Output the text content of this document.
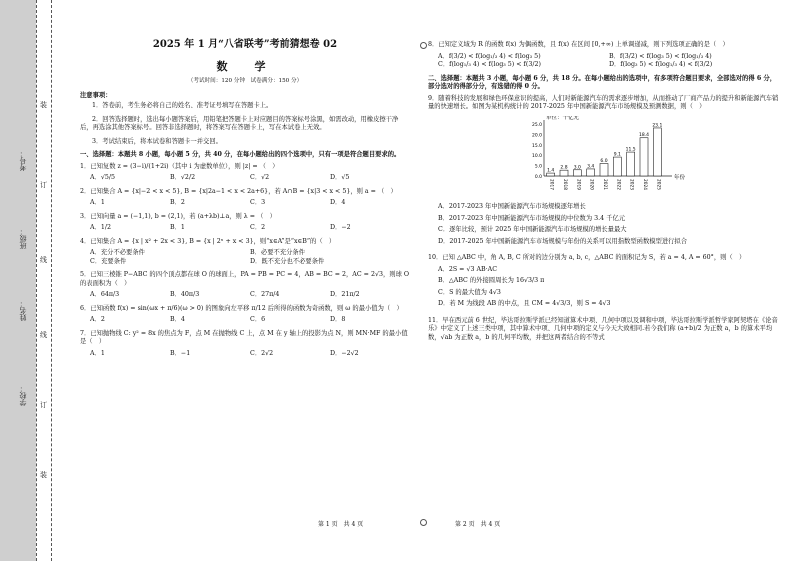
学校：
姓名：
班级：
考号：
装
订
线
线
订
装
2025 年 1 月“八省联考”考前猜想卷 02
数　学
（考试时间：120 分钟　试卷满分：150 分）
注意事项：
1．答卷前，考生务必将自己的姓名、准考证号填写在答题卡上。
2．回答选择题时，选出每小题答案后，用铅笔把答题卡上对应题目的答案标号涂黑，如需改动，用橡皮擦干净后，再选涂其他答案标号。回答非选择题时，将答案写在答题卡上，写在本试卷上无效。
3．考试结束后，将本试卷和答题卡一并交回。
一、选择题：本题共 8 小题，每小题 5 分，共 40 分，在每小题给出的四个选项中，只有一项是符合题目要求的。
1．已知复数 z = (3−i)/(1+2i)（其中 i 为虚数单位），则 |z| = （　）
A．√5/5	B．√2/2	C．√2	D．√5
2．已知集合 A = {x|−2 < x < 5}, B = {x|2a−1 < x < 2a+6}，若 A∩B = {x|3 < x < 5}，则 a = （　）
A．1	B．2	C．3	D．4
3．已知向量 a = (−1,1), b = (2,1)，若 (a+λb)⊥a，则 λ = （　）
A．1/2	B．1	C．2	D．−2
4．已知集合 A = {x | x² + 2x < 3}, B = {x | 2ˣ + x < 3}，则“x∈A”是“x∈B”的（　）
A．充分不必要条件	B．必要不充分条件
C．充要条件	D．既不充分也不必要条件
5．已知三棱锥 P−ABC 的四个顶点都在球 O 的球面上，PA = PB = PC = 4，AB = BC = 2，AC = 2√3，则球 O 的表面积为（　）
A．64π/3	B．40π/3	C．27π/4	D．21π/2
6．已知函数 f(x) = sin(ωx + π/6)(ω > 0) 的图象向左平移 π/12 后所得的函数为奇函数，则 ω 的最小值为（　）
A．2	B．4	C．6	D．8
7．已知抛物线 C: y² = 8x 的焦点为 F，点 M 在抛物线 C 上，点 M 在 y 轴上的投影为点 N，则 MN·MF 的最小值是（　）
A．1	B．−1	C．2√2	D．−2√2
8．已知定义域为 R 的函数 f(x) 为偶函数，且 f(x) 在区间 [0,+∞) 上单调递减，则下列选项正确的是（　）
A．f(3/2) < f(log₁/₃ 4) < f(log₃ 5)	B．f(3/2) < f(log₃ 5) < f(log₁/₃ 4)
C．f(log₁/₃ 4) < f(log₃ 5) < f(3/2)	D．f(log₃ 5) < f(log₁/₃ 4) < f(3/2)
二、选择题：本题共 3 小题，每小题 6 分，共 18 分。在每小题给出的选项中，有多项符合题目要求，全部选对的得 6 分，部分选对的得部分分，有选错的得 0 分。
9．随着科技的发展和绿色环保意识的提高，人们对新能源汽车的需求逐步增加，从而推动了厂商产品力的提升和新能源汽车销量的快速增长。如图为某机构统计的 2017-2025 年中国新能源汽车市场规模及预测数据，则（　）
0.0
5.0
10.0
15.0
20.0
25.0
单位：千亿元
年份
1.4
2017
2.8
2018
3.0
2019
3.4
2020
6.0
2021
9.1
2022
11.5
2023
18.4
2024
23.1
2025
A．2017-2023 年中国新能源汽车市场规模逐年增长
B．2017-2023 年中国新能源汽车市场规模的中位数为 3.4 千亿元
C．逐年比较，预计 2025 年中国新能源汽车市场规模的增长量最大
D．2017-2025 年中国新能源汽车市场规模与年份的关系可以用指数型函数模型进行拟合
10．已知 △ABC 中，角 A, B, C 所对的边分别为 a, b, c，△ABC 的面积记为 S，若 a = 4, A = 60°，则（　）
A．2S = √3 AB·AC
B．△ABC 的外接圆周长为 16√3/3 π
C．S 的最大值为 4√3
D．若 M 为线段 AB 的中点，且 CM = 4√3/3，则 S = 4√3
11．早在西元前 6 世纪，毕达哥拉斯学派已经知道算术中项、几何中项以及调和中项，毕达哥拉斯学派哲学家阿契塔在《论音乐》中定义了上述三类中项，其中算术中项、几何中项的定义与今天大致相同.若今我们称 (a+b)/2 为正数 a，b 的算术平均数，√ab 为正数 a，b 的几何平均数，并把这两者结合的不等式
第 1 页　共 4 页	第 2 页　共 4 页
